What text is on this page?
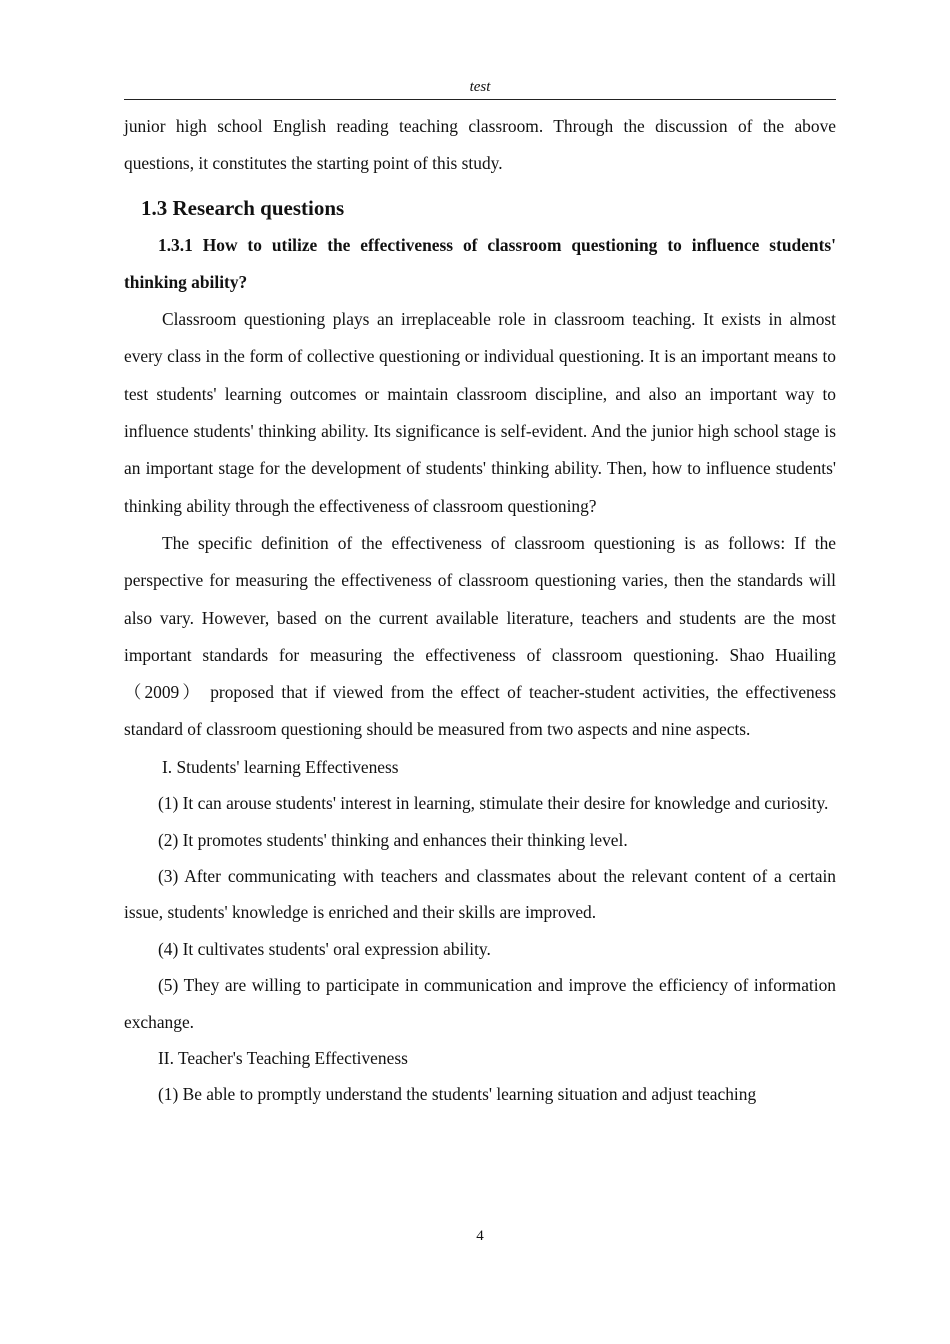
test

junior high school English reading teaching classroom. Through the discussion of the above questions, it constitutes the starting point of this study.

1.3 Research questions
1.3.1 How to utilize the effectiveness of classroom questioning to influence students' thinking ability?

Classroom questioning plays an irreplaceable role in classroom teaching. It exists in almost every class in the form of collective questioning or individual questioning. It is an important means to test students' learning outcomes or maintain classroom discipline, and also an important way to influence students' thinking ability. Its significance is self-evident. And the junior high school stage is an important stage for the development of students' thinking ability. Then, how to influence students' thinking ability through the effectiveness of classroom questioning?

The specific definition of the effectiveness of classroom questioning is as follows: If the perspective for measuring the effectiveness of classroom questioning varies, then the standards will also vary. However, based on the current available literature, teachers and students are the most important standards for measuring the effectiveness of classroom questioning. Shao Huailing（2009） proposed that if viewed from the effect of teacher-student activities, the effectiveness standard of classroom questioning should be measured from two aspects and nine aspects.

I. Students' learning Effectiveness

(1) It can arouse students' interest in learning, stimulate their desire for knowledge and curiosity.

(2) It promotes students' thinking and enhances their thinking level.

(3) After communicating with teachers and classmates about the relevant content of a certain issue, students' knowledge is enriched and their skills are improved.

(4) It cultivates students' oral expression ability.

(5) They are willing to participate in communication and improve the efficiency of information exchange.

II. Teacher's Teaching Effectiveness

(1) Be able to promptly understand the students' learning situation and adjust teaching

4
